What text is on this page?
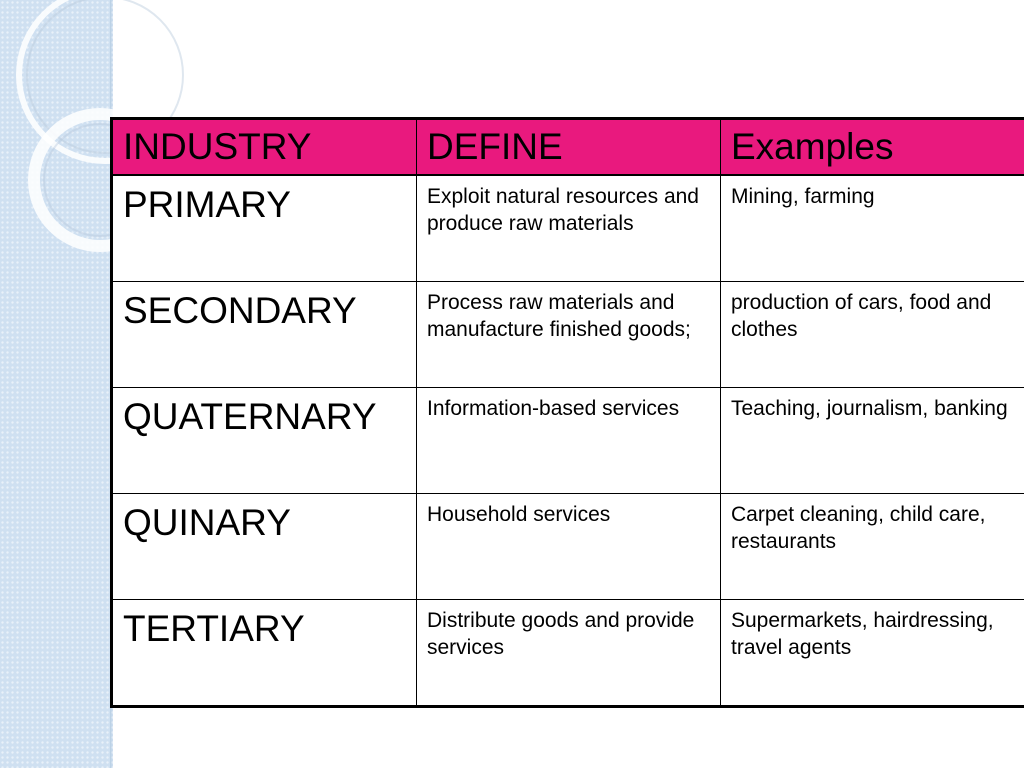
INDUSTRY	DEFINE	Examples
PRIMARY	Exploit natural resources and produce raw materials	Mining, farming
SECONDARY	Process raw materials and manufacture finished goods;	production of cars, food and clothes
QUATERNARY	Information-based services	Teaching, journalism, banking
QUINARY	Household services	Carpet cleaning, child care, restaurants
TERTIARY	Distribute goods and provide services	Supermarkets, hairdressing, travel agents
